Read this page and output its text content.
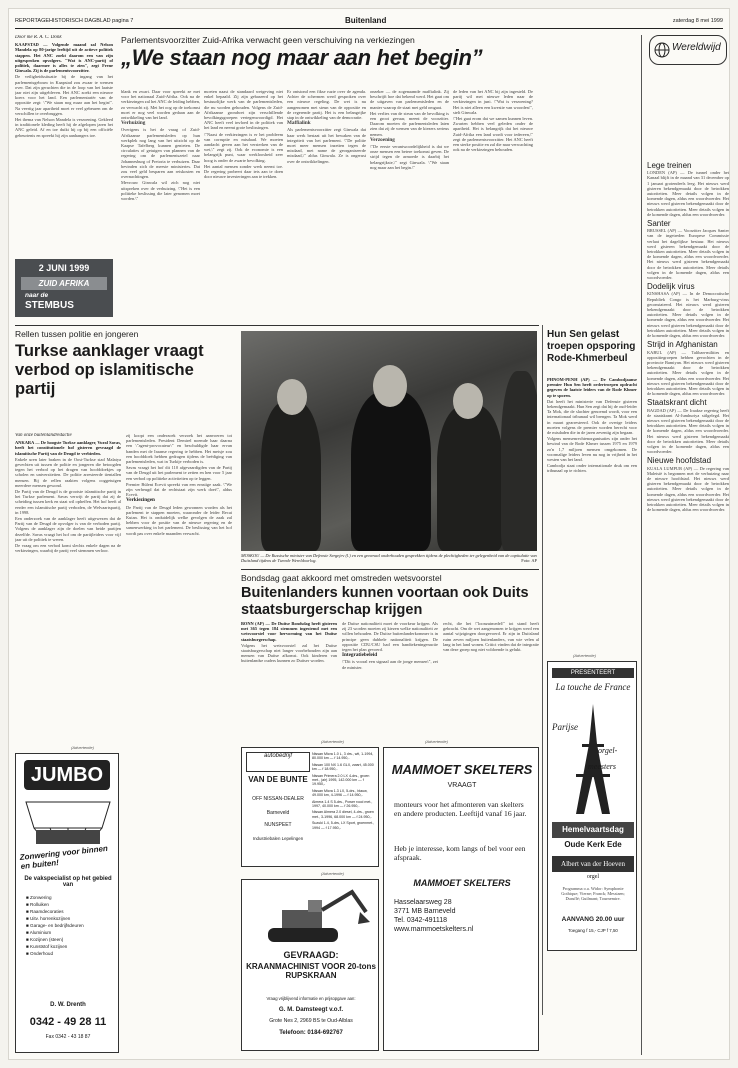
REPORTAGEHISTORISCH DAGBLAD pagina 7	Buitenland	zaterdag 8 mei 1999
Door me R. A. C. Donk

KAAPSTAD — Volgende maand zal Nelson Mandela op 80-jarige leeftijd uit de actieve politiek stappen. Het ANC zoekt daarom een van zijn uitgesproken opvolgers. "Wat is ANC-partij of politiek, daarmee is alles te zien", zegt Frene Ginwala. Zij is de parlementsvoorzitter.

De veiligheidssituatie bij de ingang van het parlementsgebouw in Kaapstad zou zwaar te wensen over. Dat zijn geruchten die in de loop van het laatste jaar niet zijn uitgebleven. Het ANC zoekt een nieuwe koers voor het land. Een parlementariër van de oppositie zegt: \"We staan nog maar aan het begin\". Na veertig jaar apartheid moet er veel gebeuren om de verschillen te overbruggen.

Het thema van Nelson Mandela is verzoening. Gekleed in traditionele kleding heeft hij de afgelopen jaren het ANC geleid. Af en toe duikt hij op bij een officiële gebeurtenis en spreekt hij zijn aanhangers toe.

2 JUNI 1999
ZUID AFRIKA
naar de
STEMBUS
Parlementsvoorzitter Zuid-Afrika verwacht geen verschuiving na verkiezingen
„We staan nog maar aan het begin”

blank en zwart. Daar voor spreekt ze met voor het nationaal Zuid-Afrika. Ook na de verkiezingen zal het ANC de leiding hebben, zo verwacht zij. Met het oog op de toekomst moet er nog veel worden gedaan aan de ontwikkeling van het land.

Verhuizing

Overigens is het de vraag of Zuid-Afrikaanse parlementsleden op hun werkplek nog lang van het uitzicht op de Kaapse Tafelberg kunnen genieten. De circulaties of getuigen van plannen van de regering om de parlementszetel naar Johannesburg of Pretoria te verhuizen. Daar bevinden zich de meeste ministeries. Dat zou veel geld besparen aan reiskosten en overnachtingen.

Mevrouw Ginwala wil zich nog niet uitspreken over de verhuizing. \"Het is een politieke beslissing die later genomen moet worden.\"

moeten naast de standaard wetgeving niet enkel bepaald. Zij zijn gebaseerd op het bestuurlijke werk van de parlementsleden, die nu worden gehouden. Volgens de Zuid-Afrikaanse grondwet zijn verschillende bevolkingsgroepen vertegenwoordigd. Het ANC heeft veel invloed in de politiek van het land en neemt grote beslissingen.

\"Naast de verkiezingen is er het probleem van corruptie en misdaad. We moeten aandacht geven aan het versterken van de wet,\" zegt zij. Ook de economie is een belangrijk punt, waar werkloosheid zeer hoog is onder de zwarte bevolking.

Het aantal mensen zonder werk neemt toe. De regering probeert daar iets aan te doen door nieuwe investeringen aan te trekken.

Er ontstond een fikse ruzie over de agenda. Achter de schermen werd gesproken over een nieuwe regeling. De wet is nu aangenomen met steun van de oppositie en de regerende partij. Het is een belangrijke stap in de ontwikkeling van de democratie.

Maffialink

Als parlementsvoorzitter zegt Ginwala dat haar werk bestaat uit het bewaken van de integriteit van het parlement. \"De politie moet meer mensen inzetten tegen de misdaad, met name de georganiseerde misdaad,\" aldus Ginwala. Ze is ongerust over de ontwikkelingen.

onzeker — de zogenaamde maffialink. Zij beschrijft hoe dat bekend werd. Het gaat om de uitgaven van parlementsleden en de manier waarop de staat met geld omgaat.

Het verlies van de steun van de bevolking is een groot gevaar, meent de voorzitter. Daarom moeten de parlementsleden laten zien dat zij de wensen van de kiezers serieus nemen.

Verzoening

\"De eerste verantwoordelijkheid is dat we onze mensen een betere toekomst geven. De strijd tegen de armoede is daarbij het belangrijkste,\" zegt Ginwala. \"We staan nog maar aan het begin.\"

de leden van het ANC bij zijn ingesteld. De partij wil met nieuwe leden naar de verkiezingen in juni. \"Wat is verzoening? Het is niet alleen een kwestie van woorden\", stelt Ginwala.

\"Het gaat erom dat we samen kunnen leven. Zwarten hebben veel geleden onder de apartheid. Het is belangrijk dat het nieuwe Zuid-Afrika een land wordt voor iedereen,\" zegt de parlementsvoorzitter. Het ANC heeft een sterke positie en zal die naar verwachting ook na de verkiezingen behouden.

Rellen tussen politie en jongeren
Turkse aanklager vraagt verbod op islamitische partij
Van onze buitenlandredactie

ANKARA — De hoogste Turkse aanklager, Vural Savas, heeft het constitutionele hof gisteren gevraagd de islamitische Partij van de Deugd te verbieden.

Enkele uren later braken in de Oost-Turkse stad Malatya gevechten uit tussen de politie en jongeren die betoogden tegen het verbod op het dragen van hoofddoekjes op scholen en universiteiten. De politie arresteerde tientallen mensen. Bij de rellen raakten volgens ooggetuigen meerdere mensen gewond.

De Partij van de Deugd is de grootste islamitische partij in het Turkse parlement. Savas verwijt de partij dat zij de scheiding tussen kerk en staat wil opheffen. Het hof heeft al eerder een islamitische partij verboden, de Welvaartspartij, in 1998.

Een onderzoek van de aanklager heeft uitgewezen dat de Partij van de Deugd de opvolger is van de verboden partij. Volgens de aanklager zijn de doelen van beide partijen dezelfde. Savas vraagt het hof om de partijleiders voor vijf jaar uit de politiek te weren.

De vraag om een verbod komt slechts enkele dagen na de verkiezingen, waarbij de partij veel stemmen verloor.

zij koopt een onderzoek verzoek het aanvoeren tot parlementsleden. President Demirel noemde haar daarna een \"agent-provocateur\" en beschuldigde haar ervan banden met de Iraanse regering te hebben. Het meisje zou een hoofddoek hebben gedragen tijdens de beëdiging van parlementsleden, wat in Turkije verboden is.

Savas vraagt het hof dit 110 afgevaardigden van de Partij van de Deugd uit het parlement te zetten en hen voor 5 jaar een verbod op politieke activiteiten op te leggen.

Premier Bülent Ecevit spreekt van een ernstige zaak. \"We zijn verheugd dat de rechtstaat zijn werk doet\", aldus Ecevit.

Verkiezingen

De Partij van de Deugd leden gewonnen worden als het parlement te stappen moeten, waaronder de leider Recai Kutan. Het is onduidelijk welke gevolgen de zaak zal hebben voor de positie van de nieuwe regering en de samenwerking in het parlement. De beslissing van het hof wordt pas over enkele maanden verwacht.

(Advertentie)
JUMBO
Zonwering voor binnen en buiten!
De vakspecialist op het gebied van
■ Zonwering
■ Rolluiken
■ Raamdecoraties
■ Uitv. horrenkozijnen
■ Garage- en bedrijfsdeuren
■ Aluminium
■ Kozijnen (steen)
■ Kunststof kozijnen
■ Onderhoud
D. W. Drenth
0342 - 49 28 11
Fax 0342 - 43 18 87
MOSKOU — De Russische minister van Defensie Sergejev (l.) en een generaal onderhouden gesprekken tijdens de plechtigheden ter gelegenheid van de capitulatie van Duitsland tijdens de Tweede Wereldoorlog.	Foto: AP
Bondsdag gaat akkoord met omstreden wetsvoorstel
Buitenlanders kunnen voortaan ook Duits staatsburgerschap krijgen

BONN (AP) — De Duitse Bondsdag heeft gisteren met 365 tegen 184 stemmen ingestemd met een wetsvoorstel voor hervorming van het Duitse staatsburgerschap.

Volgens het wetsvoorstel zal het Duitse staatsburgerschap niet langer voorbehouden zijn aan mensen van Duitse afkomst. Ook kinderen van buitenlandse ouders kunnen zo Duitser worden.

de Duitse nationaliteit moet de voorkeur krijgen. Als zij 23 worden moeten zij kiezen welke nationaliteit ze willen behouden. De Duitse buitenlanderkommer is in principe geen dubbele nationaliteit krijgen. De oppositie CDU/CSU had een handtekeningenactie tegen het plan gevoerd.

Integratiebeleid

\"Dit is vooral een signaal aan de jonge mensen\", zei de minister.

recht, die het \"loonzuimedel\" tot stand heeft gebracht. Om de wet aangenomen te krijgen werd een aantal wijzigingen doorgevoerd. Er zijn in Duitsland ruim zeven miljoen buitenlanders, van wie velen al lang in het land wonen. Critici vinden dat de integratie van deze groep nog niet voldoende is gelukt.

(Advertentie)
autobedrijf
VAN DE BUNTE
OFF NISSAN-DEALER
Barneveld
NUNSPEET
Industriebalen Lepelingen
Nissan Micra 1.0 L, 3 drs., wit, 1-1994, 80.000 km — f 14.950,-
Nissan 100 NX 1.6 GLX, zwart, 45.000 km — f 18.950,-
Nissan Primera 2.0 LX 4-drs., groen met., (air) 1995, 142.000 km — f 19.950,-
Nissan Micra 1.3 LX, 5-drs., blauw, 49.000 km, 4-1996 — f 14.950,-
Almera 1.4 S 5-drs., Power rood met., 1997, 40.000 km — f 26.950,-
Nissan Almera 2.0 diesel, 4-drs., groen met., 3-1996, 68.000 km — f 24.950,-
Suzuki 1.4, 5-drs, LX Sport, groenmet., 1994 — f 17.950,-
(Advertentie)
GEVRAAGD:
KRAANMACHINIST VOOR 20-tons RUPSKRAAN
Vraag vrijblijvend informatie en prijsopgave aan:
G. M. Damsteegt v.o.f.
Grote Nes 2, 2969 BS te Oud-Alblas
Telefoon: 0184-692767
(Advertentie)
MAMMOET SKELTERS
VRAAGT
monteurs voor het afmonteren van skelters en andere producten. Leeftijd vanaf 16 jaar.
Heb je interesse, kom langs of bel voor een afspraak.
MAMMOET SKELTERS
Hasselaarsweg 28
3771 MB Barneveld
Tel. 0342-491118
www.mammoetskelters.nl
Hun Sen gelast troepen opsporing Rode-Khmerbeul

PHNOM-PENH (AP) — De Cambodjaanse premier Hun Sen heeft ordertroepen opdracht gegeven de laatste leiders van de Rode Khmer op te sporen.

Dat heeft het ministerie van Defensie gisteren bekendgemaakt. Hun Sen zegt dat hij de oud-leider Ta Mok, die de slachter genoemd wordt, voor een internationaal tribunaal wil brengen. Ta Mok werd in maart gearresteerd. Ook de overige leiders moeten volgens de premier worden berecht voor de misdaden die in de jaren zeventig zijn begaan.

Volgens mensenrechtenorganisaties zijn onder het bewind van de Rode Khmer tussen 1975 en 1979 zo'n 1,7 miljoen mensen omgekomen. De voormalige leiders leven nu nog in vrijheid in het westen van het land.

Cambodja staat onder internationale druk om een tribunaal op te richten.

(Advertentie)
PRESENTEERT
La touche de France
Parijse
orgel-
meesters
Hemelvaartsdag
Oude Kerk Ede
Albert van der Hoeven
orgel
Programma o.a. Widor: Symphonie Gothique; Vierne; Franck; Messiaen; Duruflé; Guilmant; Tournemire.
AANVANG 20.00 uur
Toegang f 15,- CJP f 7,50
Wereldwijd
Lege treinen

LONDEN (AP) — De tunnel onder het Kanaal blijft in de maand van 31 december op 1 januari grotendeels leeg. Het nieuws werd gisteren bekendgemaakt door de betrokken autoriteiten. Meer details volgen in de komende dagen, aldus een woordvoerder. Het nieuws werd gisteren bekendgemaakt door de betrokken autoriteiten. Meer details volgen in de komende dagen, aldus een woordvoerder.

Santer

BRUSSEL (AP) — Voorzitter Jacques Santer van de ingetreden Europese Commissie verlaat het dagelijkse bestuur. Het nieuws werd gisteren bekendgemaakt door de betrokken autoriteiten. Meer details volgen in de komende dagen, aldus een woordvoerder. Het nieuws werd gisteren bekendgemaakt door de betrokken autoriteiten. Meer details volgen in de komende dagen, aldus een woordvoerder.

Dodelijk virus

KINSHASA (AP) — In de Democratische Republiek Congo is het Marburg-virus geconstateerd. Het nieuws werd gisteren bekendgemaakt door de betrokken autoriteiten. Meer details volgen in de komende dagen, aldus een woordvoerder. Het nieuws werd gisteren bekendgemaakt door de betrokken autoriteiten. Meer details volgen in de komende dagen, aldus een woordvoerder.

Strijd in Afghanistan

KABUL (AP) — Taliban-milities en oppositiegroepen hebben gevochten in de provincie Bamiyan. Het nieuws werd gisteren bekendgemaakt door de betrokken autoriteiten. Meer details volgen in de komende dagen, aldus een woordvoerder. Het nieuws werd gisteren bekendgemaakt door de betrokken autoriteiten. Meer details volgen in de komende dagen, aldus een woordvoerder.

Staatskrant dicht

BAGDAD (AP) — De Iraakse regering heeft de staatskrant Al-Jumhuriya stilgelegd. Het nieuws werd gisteren bekendgemaakt door de betrokken autoriteiten. Meer details volgen in de komende dagen, aldus een woordvoerder. Het nieuws werd gisteren bekendgemaakt door de betrokken autoriteiten. Meer details volgen in de komende dagen, aldus een woordvoerder.

Nieuwe hoofdstad

KUALA LUMPUR (AP) — De regering van Maleisië is begonnen met de verhuizing naar de nieuwe hoofdstad. Het nieuws werd gisteren bekendgemaakt door de betrokken autoriteiten. Meer details volgen in de komende dagen, aldus een woordvoerder. Het nieuws werd gisteren bekendgemaakt door de betrokken autoriteiten. Meer details volgen in de komende dagen, aldus een woordvoerder.
